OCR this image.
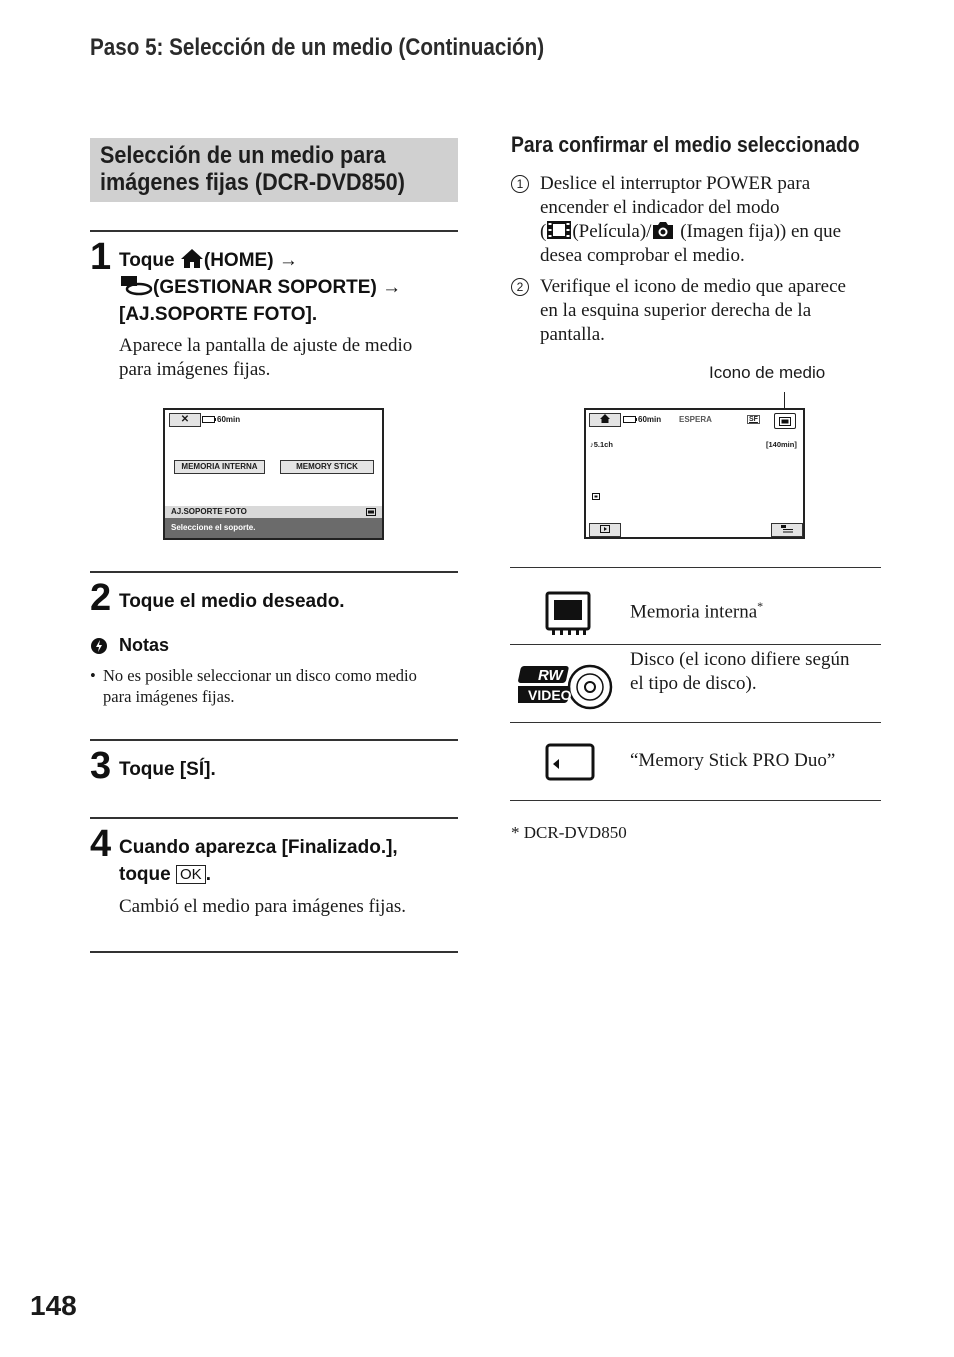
Paso 5: Selección de un medio (Continuación)
Selección de un medio para
imágenes fijas (DCR-DVD850)
1 Toque (HOME) →
(GESTIONAR SOPORTE) →
[AJ.SOPORTE FOTO].
Aparece la pantalla de ajuste de medio
para imágenes fijas.
✕	60min
MEMORIA INTERNA	MEMORY STICK
AJ.SOPORTE FOTO
Seleccione el soporte.
2 Toque el medio deseado.
Notas
• No es posible seleccionar un disco como medio
para imágenes fijas.
3 Toque [SÍ].
4 Cuando aparezca [Finalizado.],
toque OK .
Cambió el medio para imágenes fijas.
Para confirmar el medio seleccionado
1 Deslice el interruptor POWER para
encender el indicador del modo
( (Película)/ (Imagen fija)) en que
desea comprobar el medio.
2 Verifique el icono de medio que aparece
en la esquina superior derecha de la
pantalla.
Icono de medio
60min ESPERA	SF
♪5.1ch	[140min]
Memoria interna*
RW
VIDEO
Disco (el icono difiere según
el tipo de disco).
“Memory Stick PRO Duo”
* DCR-DVD850
148
